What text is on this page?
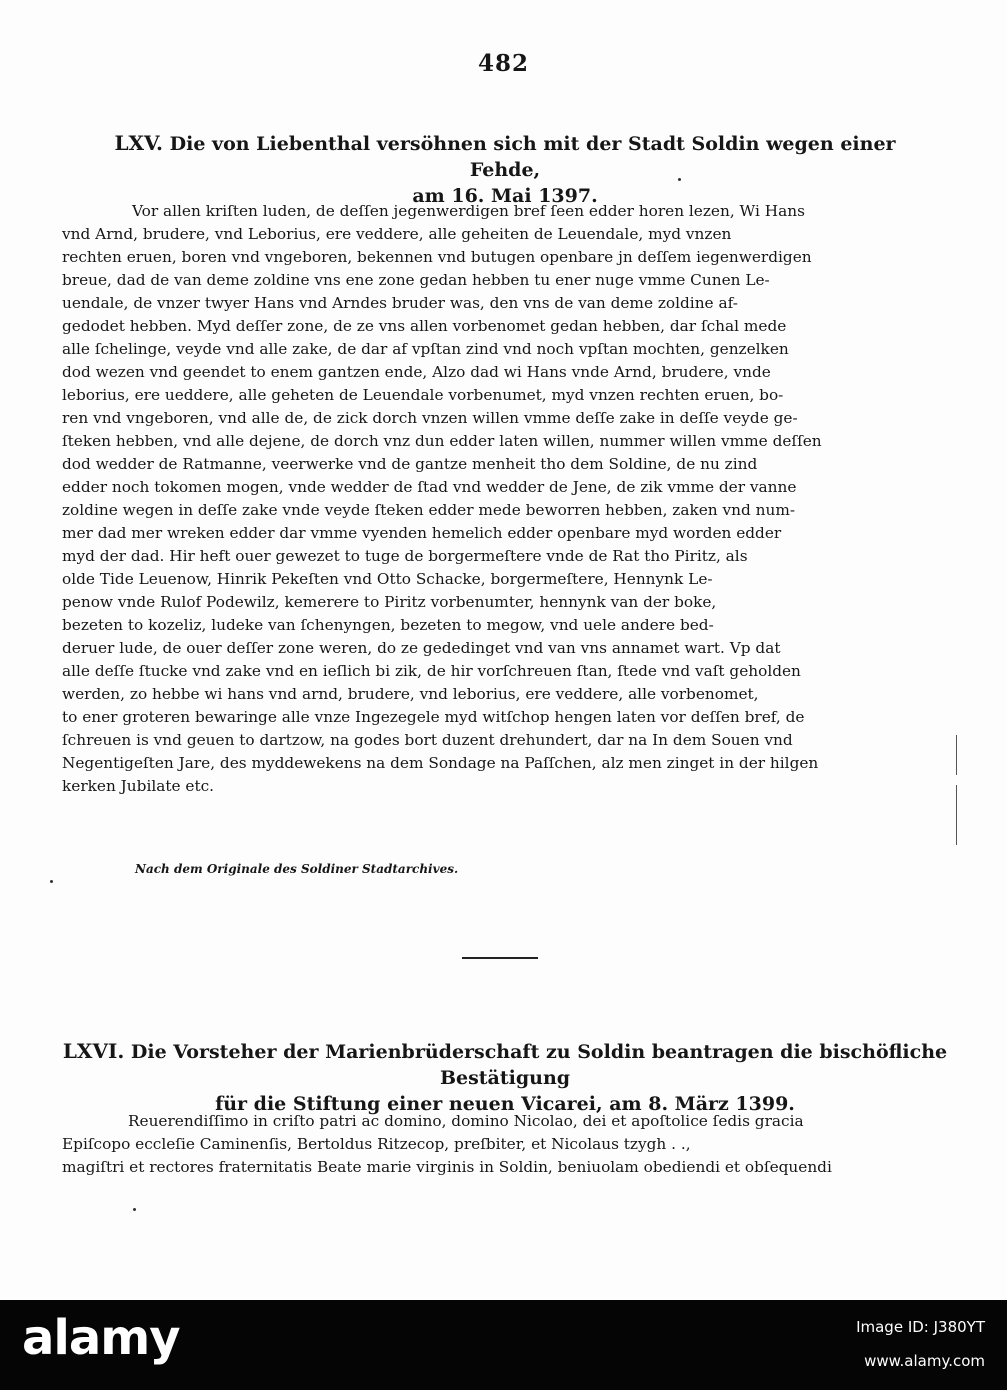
482
LXV. Die von Liebenthal versöhnen sich mit der Stadt Soldin wegen einer Fehde,
am 16. Mai 1397.
Vor allen kriſten luden, de deſſen jegenwerdigen bref ſeen edder horen lezen, Wi Hans
vnd Arnd, brudere, vnd Leborius, ere veddere, alle geheiten de Leuendale, myd vnzen
rechten eruen, boren vnd vngeboren, bekennen vnd butugen openbare jn deſſem iegenwerdigen
breue, dad de van deme zoldine vns ene zone gedan hebben tu ener nuge vmme Cunen Le-
uendale, de vnzer twyer Hans vnd Arndes bruder was, den vns de van deme zoldine af-
gedodet hebben. Myd deſſer zone, de ze vns allen vorbenomet gedan hebben, dar ſchal mede
alle ſchelinge, veyde vnd alle zake, de dar af vpſtan zind vnd noch vpſtan mochten, genzelken
dod wezen vnd geendet to enem gantzen ende, Alzo dad wi Hans vnde Arnd, brudere, vnde
leborius, ere ueddere, alle geheten de Leuendale vorbenumet, myd vnzen rechten eruen, bo-
ren vnd vngeboren, vnd alle de, de zick dorch vnzen willen vmme deſſe zake in deſſe veyde ge-
ſteken hebben, vnd alle dejene, de dorch vnz dun edder laten willen, nummer willen vmme deſſen
dod wedder de Ratmanne, veerwerke vnd de gantze menheit tho dem Soldine, de nu zind
edder noch tokomen mogen, vnde wedder de ſtad vnd wedder de Jene, de zik vmme der vanne
zoldine wegen in deſſe zake vnde veyde ſteken edder mede beworren hebben, zaken vnd num-
mer dad mer wreken edder dar vmme vyenden hemelich edder openbare myd worden edder
myd der dad. Hir heft ouer gewezet to tuge de borgermeſtere vnde de Rat tho Piritz, als
olde Tide Leuenow, Hinrik Pekeſten vnd Otto Schacke, borgermeſtere, Hennynk Le-
penow vnde Rulof Podewilz, kemerere to Piritz vorbenumter, hennynk van der boke,
bezeten to kozeliz, ludeke van ſchenyngen, bezeten to megow, vnd uele andere bed-
deruer lude, de ouer deſſer zone weren, do ze gededinget vnd van vns annamet wart. Vp dat
alle deſſe ſtucke vnd zake vnd en ieſlich bi zik, de hir vorſchreuen ſtan, ſtede vnd vaſt geholden
werden, zo hebbe wi hans vnd arnd, brudere, vnd leborius, ere veddere, alle vorbenomet,
to ener groteren bewaringe alle vnze Ingezegele myd witſchop hengen laten vor deſſen bref, de
ſchreuen is vnd geuen to dartzow, na godes bort duzent drehundert, dar na In dem Souen vnd
Negentigeſten Jare, des myddewekens na dem Sondage na Paſſchen, alz men zinget in der hilgen
kerken Jubilate etc.
Nach dem Originale des Soldiner Stadtarchives.
LXVI. Die Vorsteher der Marienbrüderschaft zu Soldin beantragen die bischöfliche Bestätigung
für die Stiftung einer neuen Vicarei, am 8. März 1399.
Reuerendiſſimo in criſto patri ac domino, domino Nicolao, dei et apoſtolice ſedis gracia
Epiſcopo eccleſie Caminenſis, Bertoldus Ritzecop, preſbiter, et Nicolaus tzygh . .,
magiſtri et rectores fraternitatis Beate marie virginis in Soldin, beniuolam obediendi et obſequendi
alamy	Image ID: J380YT
www.alamy.com
